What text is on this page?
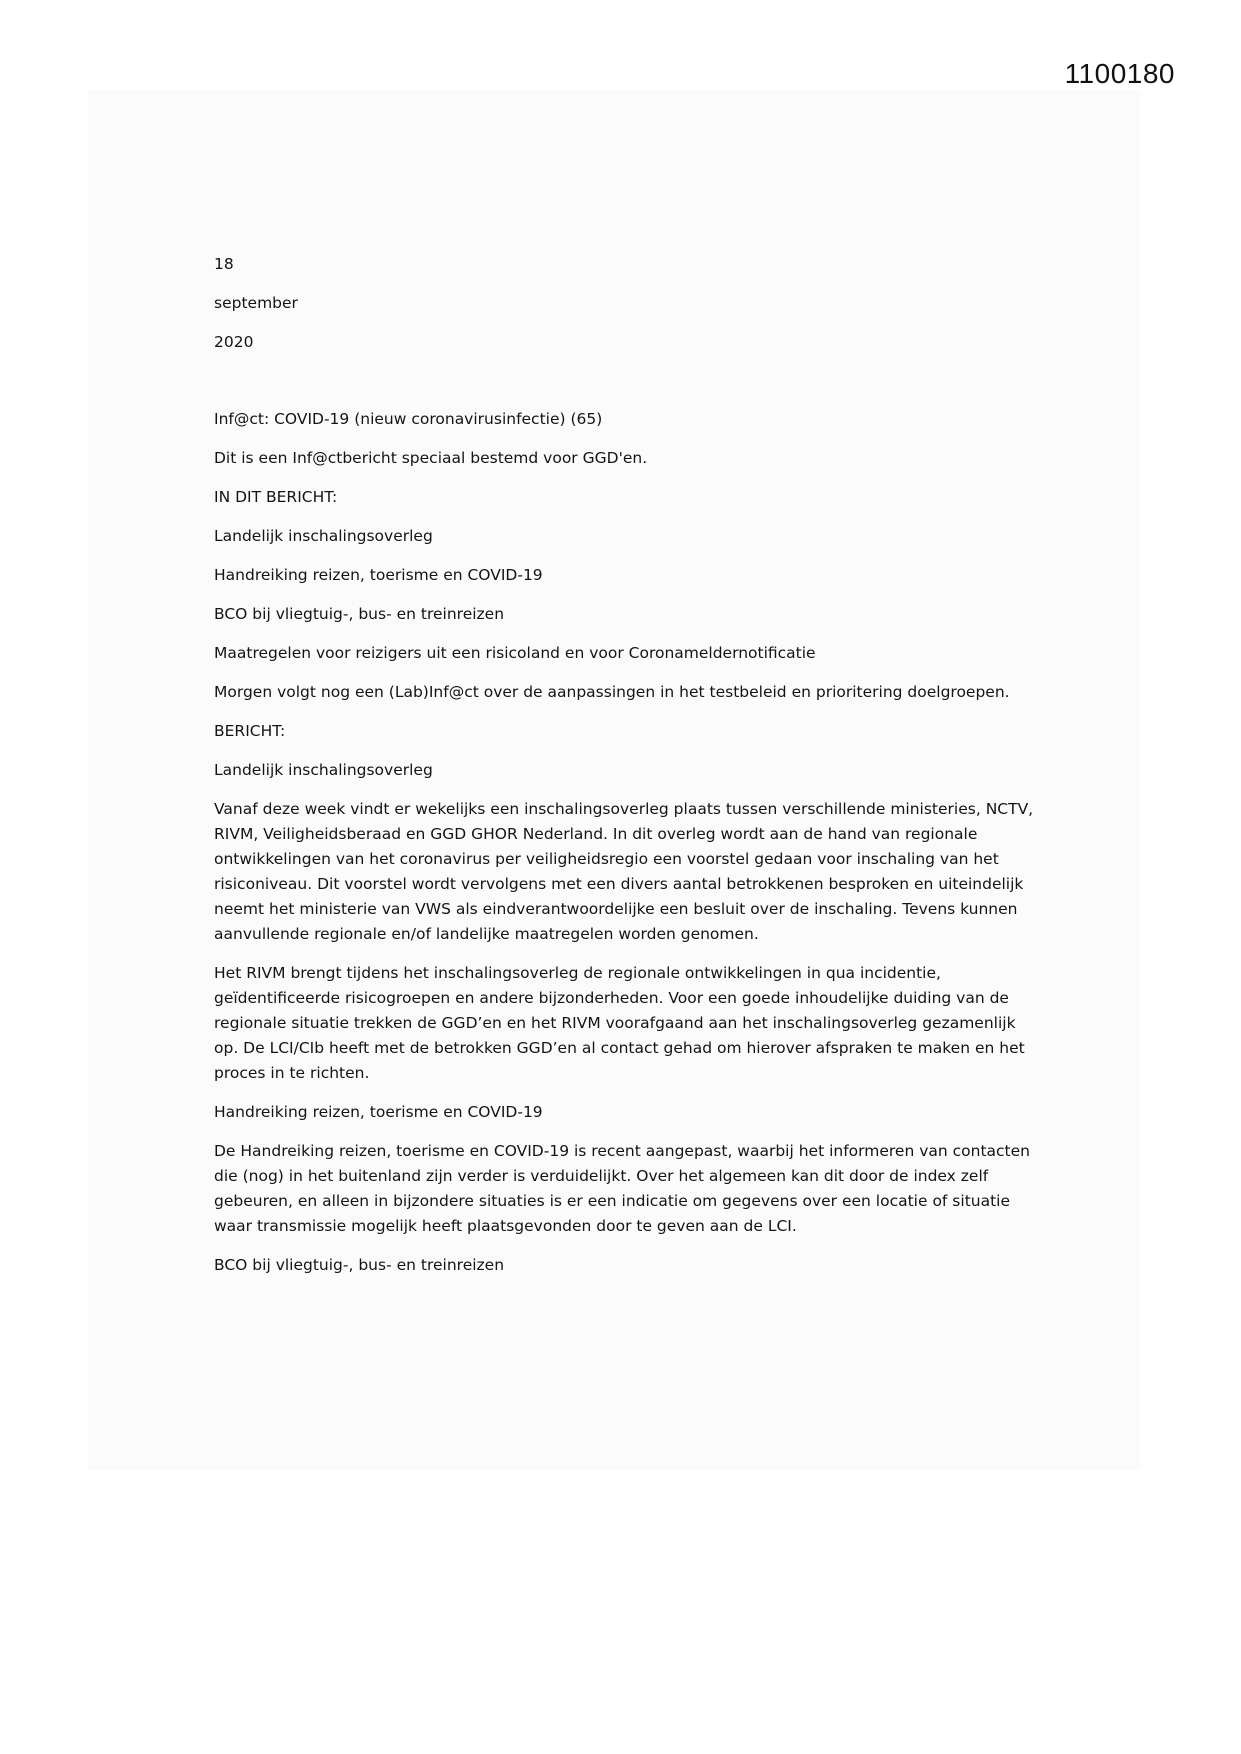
1100180
18
september
2020
Inf@ct: COVID-19 (nieuw coronavirusinfectie) (65)
Dit is een Inf@ctbericht speciaal bestemd voor GGD'en.
IN DIT BERICHT:
Landelijk inschalingsoverleg
Handreiking reizen, toerisme en COVID-19
BCO bij vliegtuig-, bus- en treinreizen
Maatregelen voor reizigers uit een risicoland en voor Coronameldernotificatie
Morgen volgt nog een (Lab)Inf@ct over de aanpassingen in het testbeleid en prioritering doelgroepen.
BERICHT:
Landelijk inschalingsoverleg
Vanaf deze week vindt er wekelijks een inschalingsoverleg plaats tussen verschillende ministeries, NCTV,
RIVM, Veiligheidsberaad en GGD GHOR Nederland. In dit overleg wordt aan de hand van regionale
ontwikkelingen van het coronavirus per veiligheidsregio een voorstel gedaan voor inschaling van het
risiconiveau. Dit voorstel wordt vervolgens met een divers aantal betrokkenen besproken en uiteindelijk
neemt het ministerie van VWS als eindverantwoordelijke een besluit over de inschaling. Tevens kunnen
aanvullende regionale en/of landelijke maatregelen worden genomen.
Het RIVM brengt tijdens het inschalingsoverleg de regionale ontwikkelingen in qua incidentie,
geïdentificeerde risicogroepen en andere bijzonderheden. Voor een goede inhoudelijke duiding van de
regionale situatie trekken de GGD’en en het RIVM voorafgaand aan het inschalingsoverleg gezamenlijk
op. De LCI/CIb heeft met de betrokken GGD’en al contact gehad om hierover afspraken te maken en het
proces in te richten.
Handreiking reizen, toerisme en COVID-19
De Handreiking reizen, toerisme en COVID-19 is recent aangepast, waarbij het informeren van contacten
die (nog) in het buitenland zijn verder is verduidelijkt. Over het algemeen kan dit door de index zelf
gebeuren, en alleen in bijzondere situaties is er een indicatie om gegevens over een locatie of situatie
waar transmissie mogelijk heeft plaatsgevonden door te geven aan de LCI.
BCO bij vliegtuig-, bus- en treinreizen
